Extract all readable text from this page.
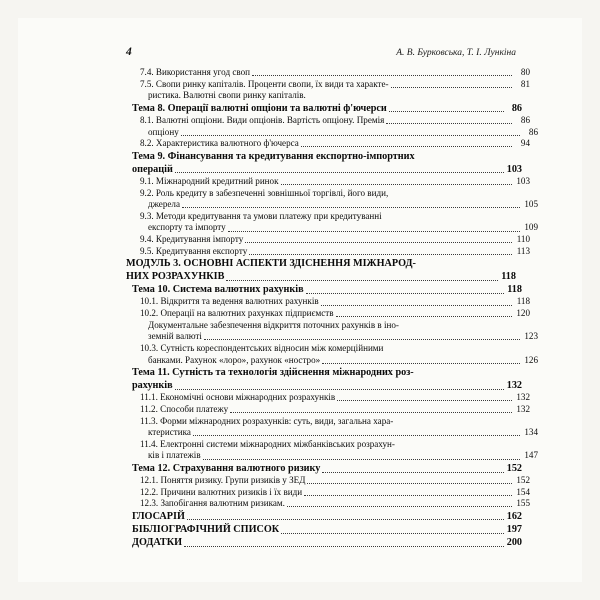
4	А. В. Бурковська, Т. І. Лункіна
7.4. Використання угод своп	80
7.5. Свопи ринку капіталів. Проценти свопи, їх види та характе-	81
ристика. Валютні свопи ринку капіталів.
Тема 8. Операції валютні опціони та валютні ф'ючерси	86
8.1. Валютні опціони. Види опціонів. Вартість опціону. Премія	86
опціону	86
8.2. Характеристика валютного ф'ючерса	94
Тема 9. Фінансування та кредитування експортно-імпортних
операцій	103
9.1. Міжнародний кредитний ринок	103
9.2. Роль кредиту в забезпеченні зовнішньої торгівлі, його види,
джерела	105
9.3. Методи кредитування та умови платежу при кредитуванні
експорту та імпорту	109
9.4. Кредитування імпорту	110
9.5. Кредитування експорту	113
МОДУЛЬ 3. ОСНОВНІ АСПЕКТИ ЗДІСНЕННЯ МІЖНАРОД-
НИХ РОЗРАХУНКІВ	118
Тема 10. Система валютних рахунків	118
10.1. Відкриття та ведення валютних рахунків	118
10.2. Операції на валютних рахунках підприємств	120
Документальне забезпечення відкриття поточних рахунків в іно-
земній валюті	123
10.3. Сутність кореспондентських відносин між комерційними
банками. Рахунок «лоро», рахунок «ностро»	126
Тема 11. Сутність та технологія здійснення міжнародних роз-
рахунків	132
11.1. Економічні основи міжнародних розрахунків	132
11.2. Способи платежу	132
11.3. Форми міжнародних розрахунків: суть, види, загальна хара-
ктеристика	134
11.4. Електронні системи міжнародних міжбанківських розрахун-
ків і платежів	147
Тема 12. Страхування валютного ризику	152
12.1. Поняття ризику. Групи ризиків у ЗЕД	152
12.2. Причини валютних ризиків і їх види	154
12.3. Запобігання валютним ризикам.	155
ГЛОСАРІЙ	162
БІБЛІОГРАФІЧНИЙ СПИСОК	197
ДОДАТКИ	200
